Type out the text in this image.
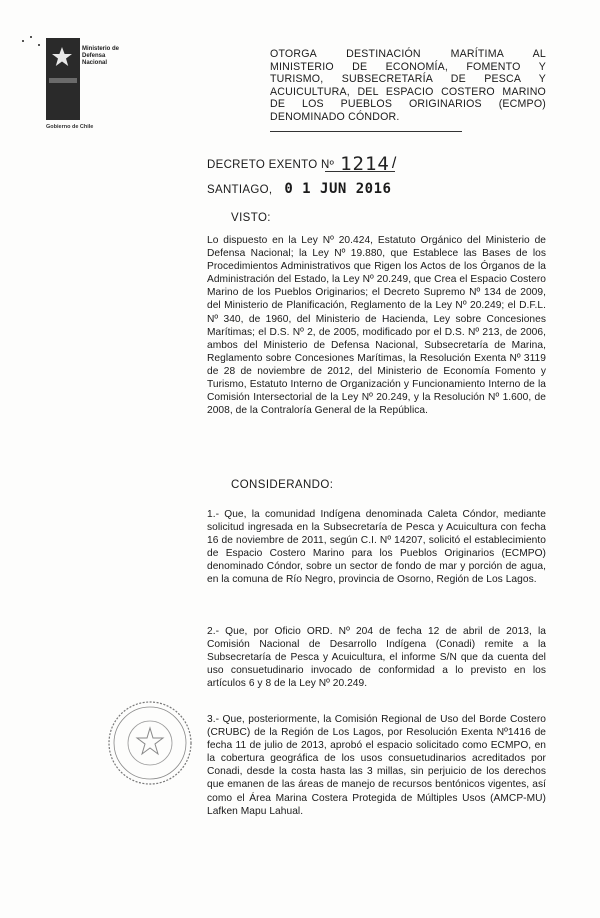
Ministerio de
Defensa
Nacional
Gobierno de Chile
OTORGA DESTINACIÓN MARÍTIMA AL
MINISTERIO DE ECONOMÍA, FOMENTO Y
TURISMO, SUBSECRETARÍA DE PESCA Y
ACUICULTURA, DEL ESPACIO COSTERO MARINO
DE LOS PUEBLOS ORIGINARIOS (ECMPO)
DENOMINADO CÓNDOR.
DECRETO EXENTO Nº 1214 /
SANTIAGO, 0 1 JUN 2016
VISTO:
Lo dispuesto en la Ley Nº 20.424, Estatuto Orgánico del Ministerio de Defensa Nacional; la Ley Nº 19.880, que Establece las Bases de los Procedimientos Administrativos que Rigen los Actos de los Órganos de la Administración del Estado, la Ley Nº 20.249, que Crea el Espacio Costero Marino de los Pueblos Originarios; el Decreto Supremo Nº 134 de 2009, del Ministerio de Planificación, Reglamento de la Ley Nº 20.249; el D.F.L. Nº 340, de 1960, del Ministerio de Hacienda, Ley sobre Concesiones Marítimas; el D.S. Nº 2, de 2005, modificado por el D.S. Nº 213, de 2006, ambos del Ministerio de Defensa Nacional, Subsecretaría de Marina, Reglamento sobre Concesiones Marítimas, la Resolución Exenta Nº 3119 de 28 de noviembre de 2012, del Ministerio de Economía Fomento y Turismo, Estatuto Interno de Organización y Funcionamiento Interno de la Comisión Intersectorial de la Ley Nº 20.249, y la Resolución Nº 1.600, de 2008, de la Contraloría General de la República.
CONSIDERANDO:
1.- Que, la comunidad Indígena denominada Caleta Cóndor, mediante solicitud ingresada en la Subsecretaría de Pesca y Acuicultura con fecha 16 de noviembre de 2011, según C.I. Nº 14207, solicitó el establecimiento de Espacio Costero Marino para los Pueblos Originarios (ECMPO) denominado Cóndor, sobre un sector de fondo de mar y porción de agua, en la comuna de Río Negro, provincia de Osorno, Región de Los Lagos.
2.- Que, por Oficio ORD. Nº 204 de fecha 12 de abril de 2013, la Comisión Nacional de Desarrollo Indígena (Conadi) remite a la Subsecretaría de Pesca y Acuicultura, el informe S/N que da cuenta del uso consuetudinario invocado de conformidad a lo previsto en los artículos 6 y 8 de la Ley Nº 20.249.
3.- Que, posteriormente, la Comisión Regional de Uso del Borde Costero (CRUBC) de la Región de Los Lagos, por Resolución Exenta Nº1416 de fecha 11 de julio de 2013, aprobó el espacio solicitado como ECMPO, en la cobertura geográfica de los usos consuetudinarios acreditados por Conadi, desde la costa hasta las 3 millas, sin perjuicio de los derechos que emanen de las áreas de manejo de recursos bentónicos vigentes, así como el Área Marina Costera Protegida de Múltiples Usos (AMCP-MU) Lafken Mapu Lahual.
